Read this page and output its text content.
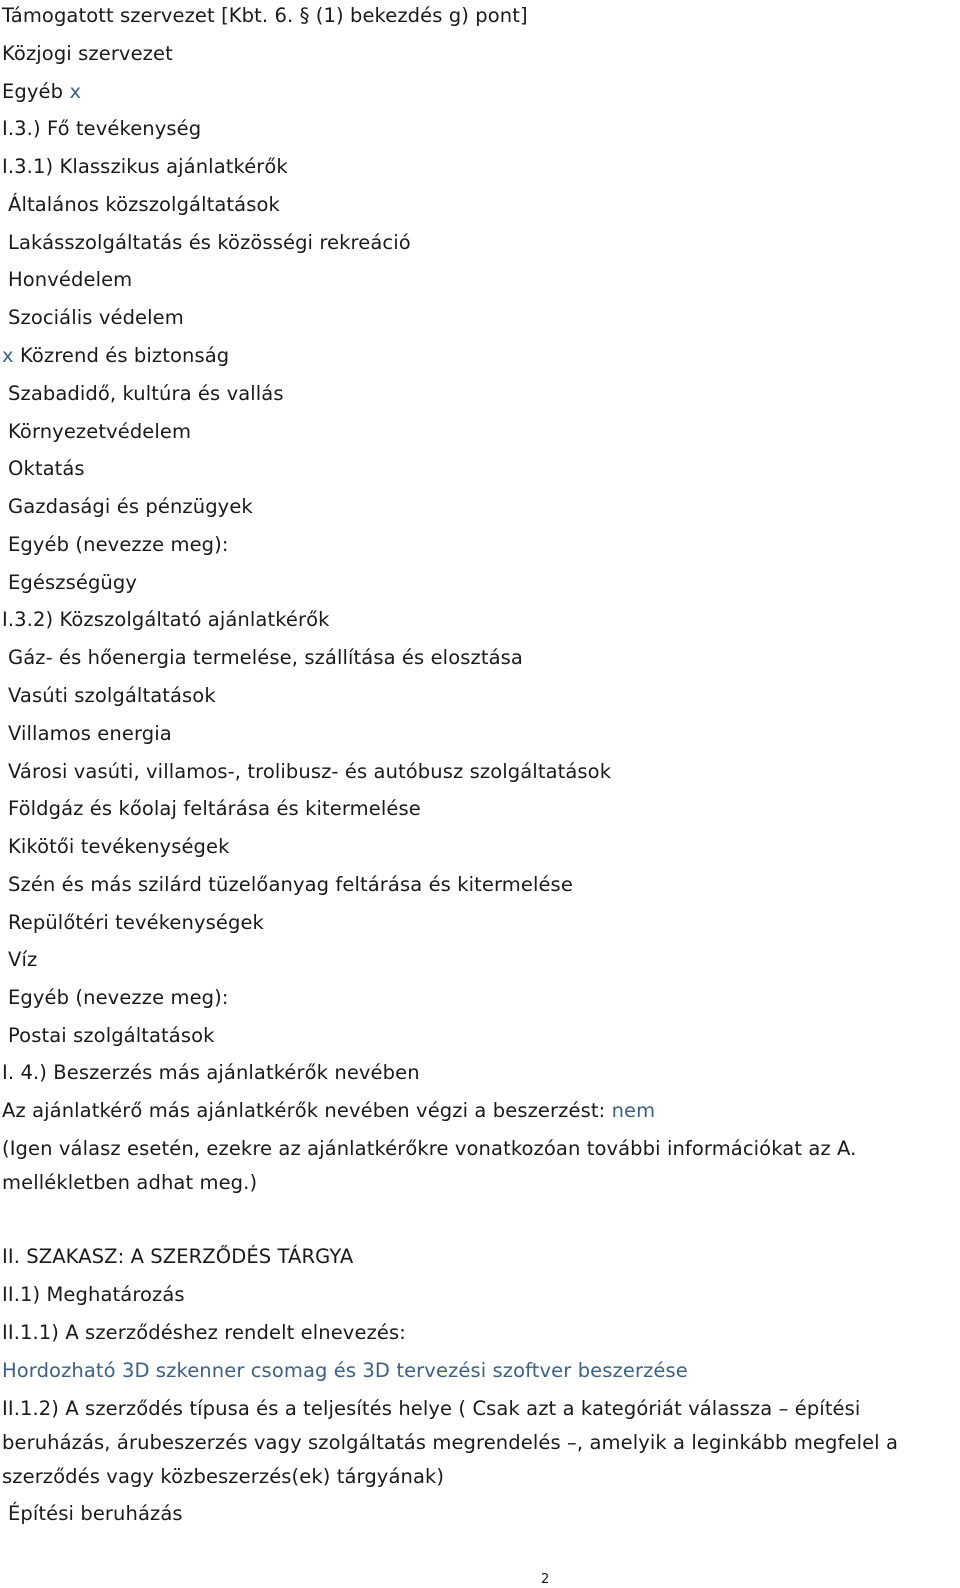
Támogatott szervezet [Kbt. 6. § (1) bekezdés g) pont]
Közjogi szervezet
Egyéb x
I.3.) Fő tevékenység
I.3.1) Klasszikus ajánlatkérők
Általános közszolgáltatások
Lakásszolgáltatás és közösségi rekreáció
Honvédelem
Szociális védelem
x Közrend és biztonság
Szabadidő, kultúra és vallás
Környezetvédelem
Oktatás
Gazdasági és pénzügyek
Egyéb (nevezze meg):
Egészségügy
I.3.2) Közszolgáltató ajánlatkérők
Gáz- és hőenergia termelése, szállítása és elosztása
Vasúti szolgáltatások
Villamos energia
Városi vasúti, villamos-, trolibusz- és autóbusz szolgáltatások
Földgáz és kőolaj feltárása és kitermelése
Kikötői tevékenységek
Szén és más szilárd tüzelőanyag feltárása és kitermelése
Repülőtéri tevékenységek
Víz
Egyéb (nevezze meg):
Postai szolgáltatások
I. 4.) Beszerzés más ajánlatkérők nevében
Az ajánlatkérő más ajánlatkérők nevében végzi a beszerzést: nem
(Igen válasz esetén, ezekre az ajánlatkérőkre vonatkozóan további információkat az A.
mellékletben adhat meg.)
II. SZAKASZ: A SZERZŐDÉS TÁRGYA
II.1) Meghatározás
II.1.1) A szerződéshez rendelt elnevezés:
Hordozható 3D szkenner csomag és 3D tervezési szoftver beszerzése
II.1.2) A szerződés típusa és a teljesítés helye ( Csak azt a kategóriát válassza – építési
beruházás, árubeszerzés vagy szolgáltatás megrendelés –, amelyik a leginkább megfelel a
szerződés vagy közbeszerzés(ek) tárgyának)
Építési beruházás
2
